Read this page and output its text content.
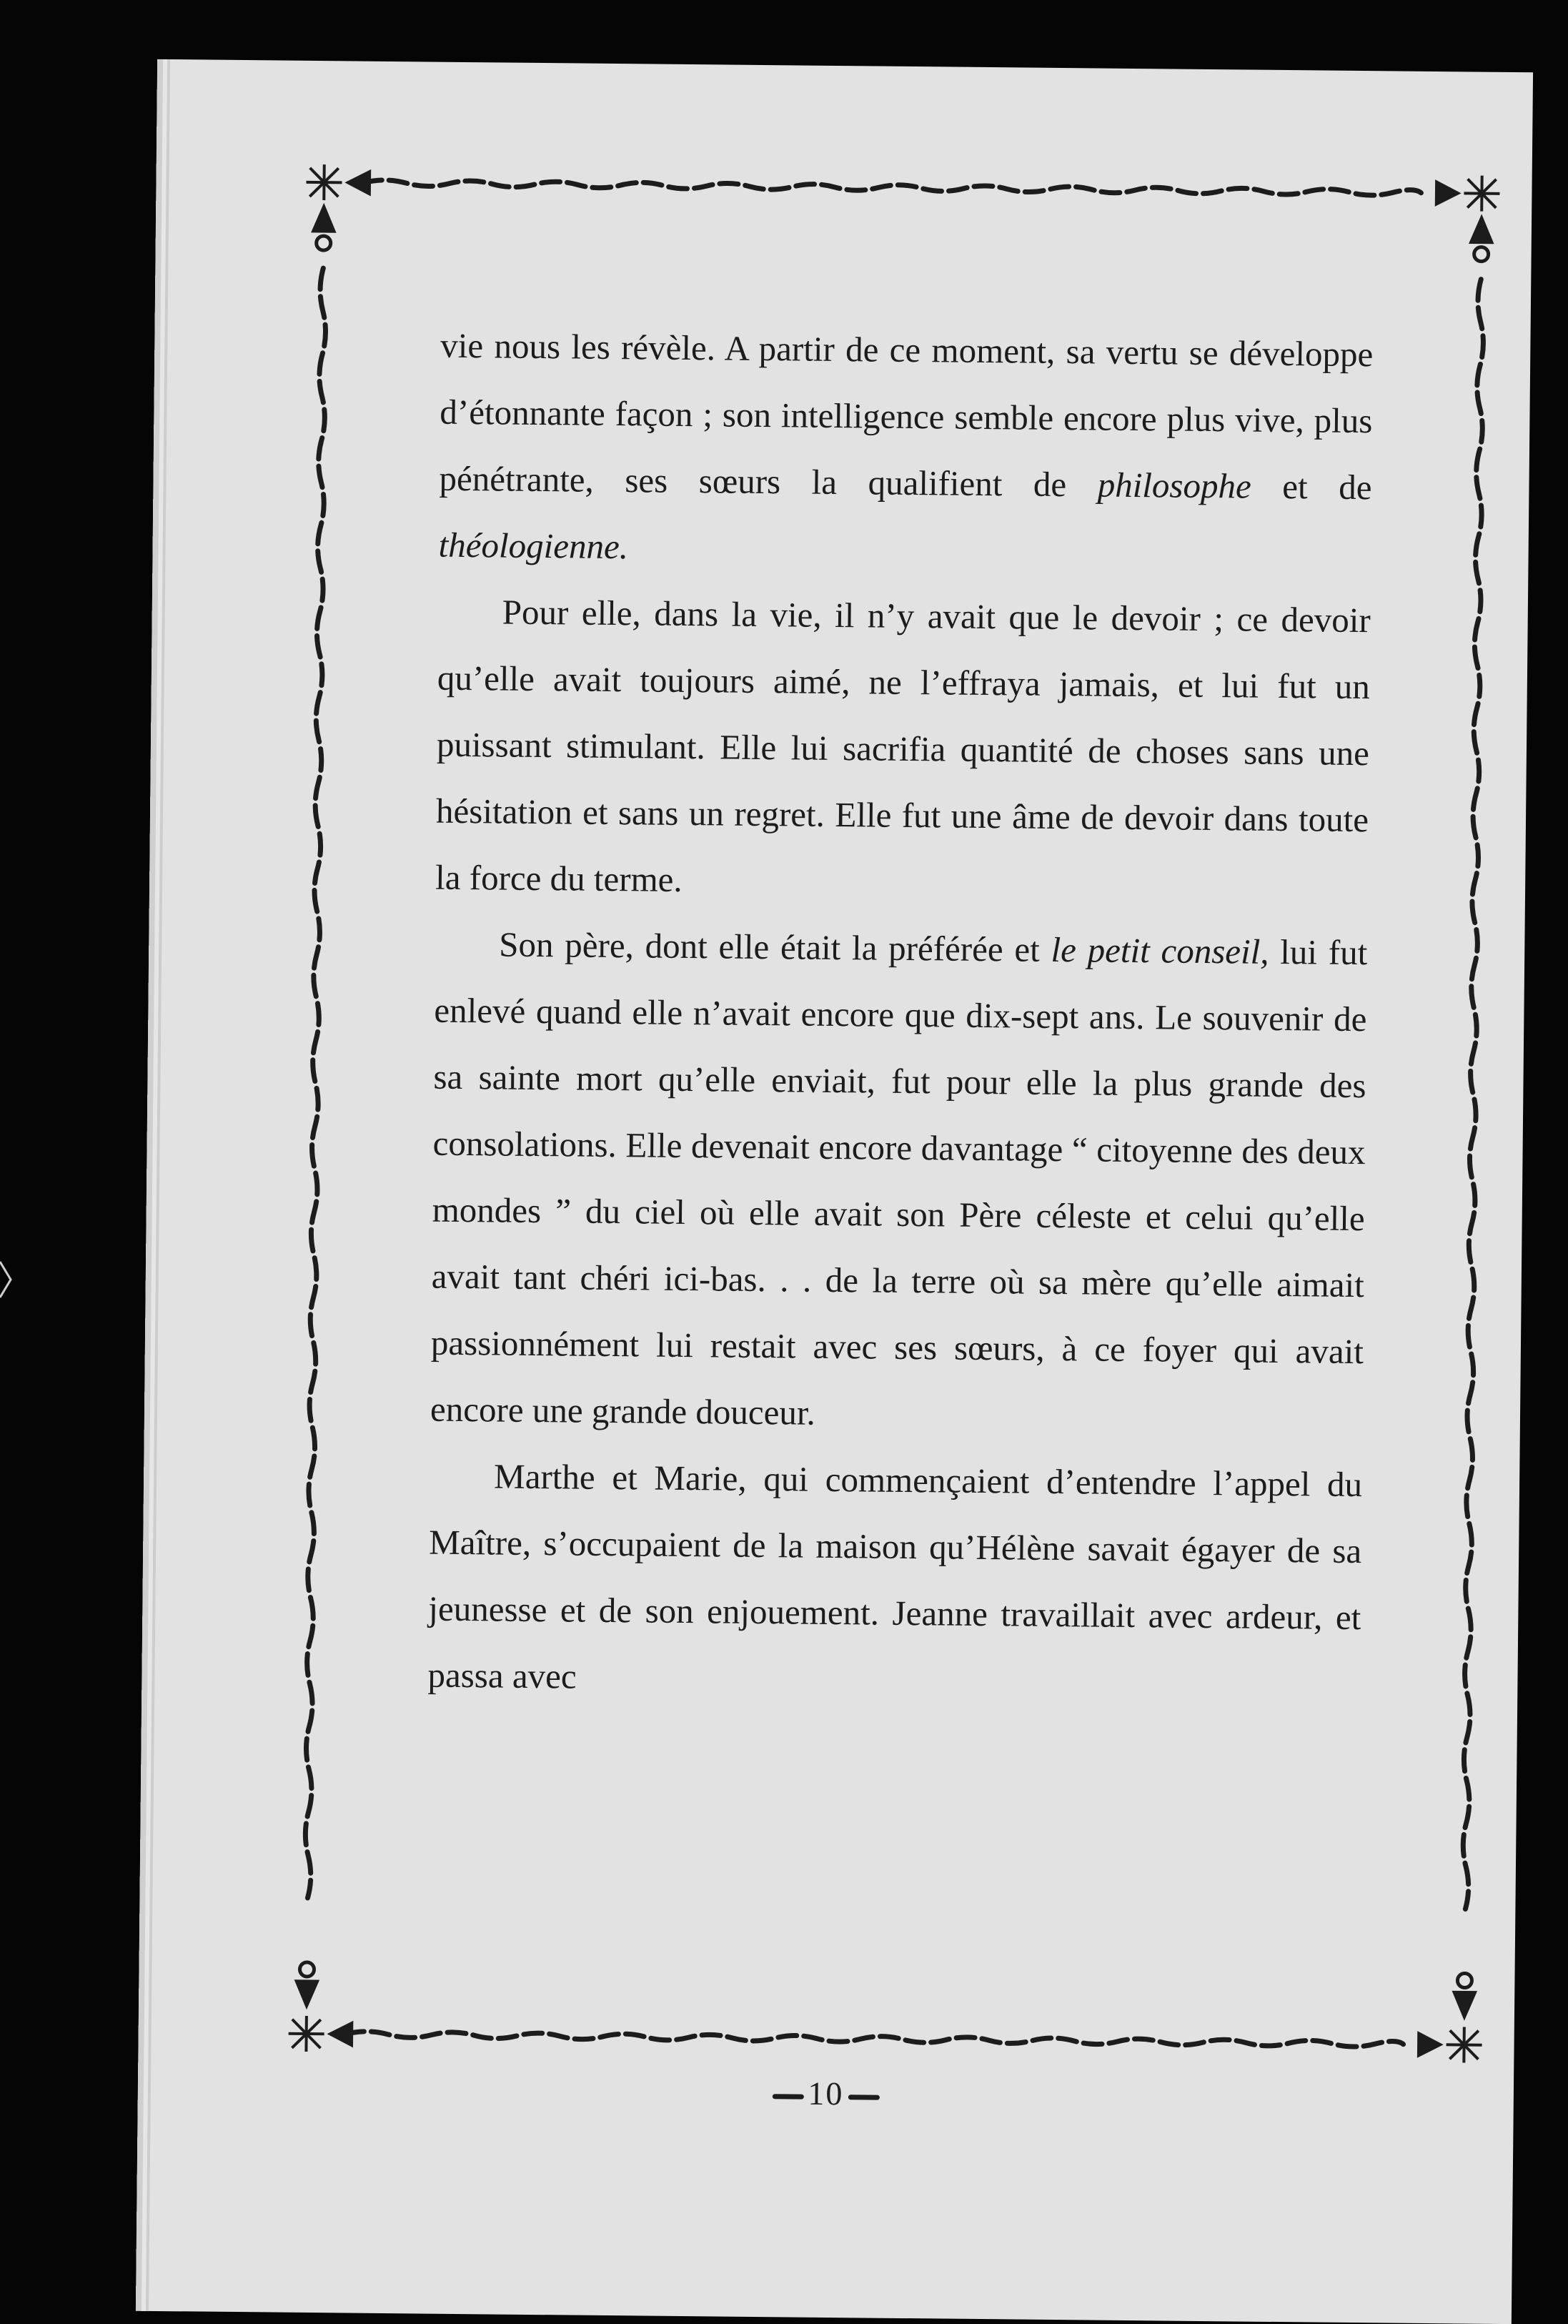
vie nous les révèle. A partir de ce moment, sa vertu se développe d’étonnante façon ; son intelligence semble encore plus vive, plus pénétrante, ses sœurs la qualifient de philosophe et de théologienne.

Pour elle, dans la vie, il n’y avait que le devoir ; ce devoir qu’elle avait toujours aimé, ne l’effraya jamais, et lui fut un puissant stimulant. Elle lui sacrifia quantité de choses sans une hésitation et sans un regret. Elle fut une âme de devoir dans toute la force du terme.

Son père, dont elle était la préférée et le petit conseil, lui fut enlevé quand elle n’avait encore que dix-sept ans. Le souvenir de sa sainte mort qu’elle enviait, fut pour elle la plus grande des consolations. Elle devenait encore davantage “ citoyenne des deux mondes ” du ciel où elle avait son Père céleste et celui qu’elle avait tant chéri ici-bas. . . de la terre où sa mère qu’elle aimait passionnément lui restait avec ses sœurs, à ce foyer qui avait encore une grande douceur.

Marthe et Marie, qui commençaient d’entendre l’appel du Maître, s’occupaient de la maison qu’Hélène savait égayer de sa jeunesse et de son enjouement. Jeanne travaillait avec ardeur, et passa avec

10
